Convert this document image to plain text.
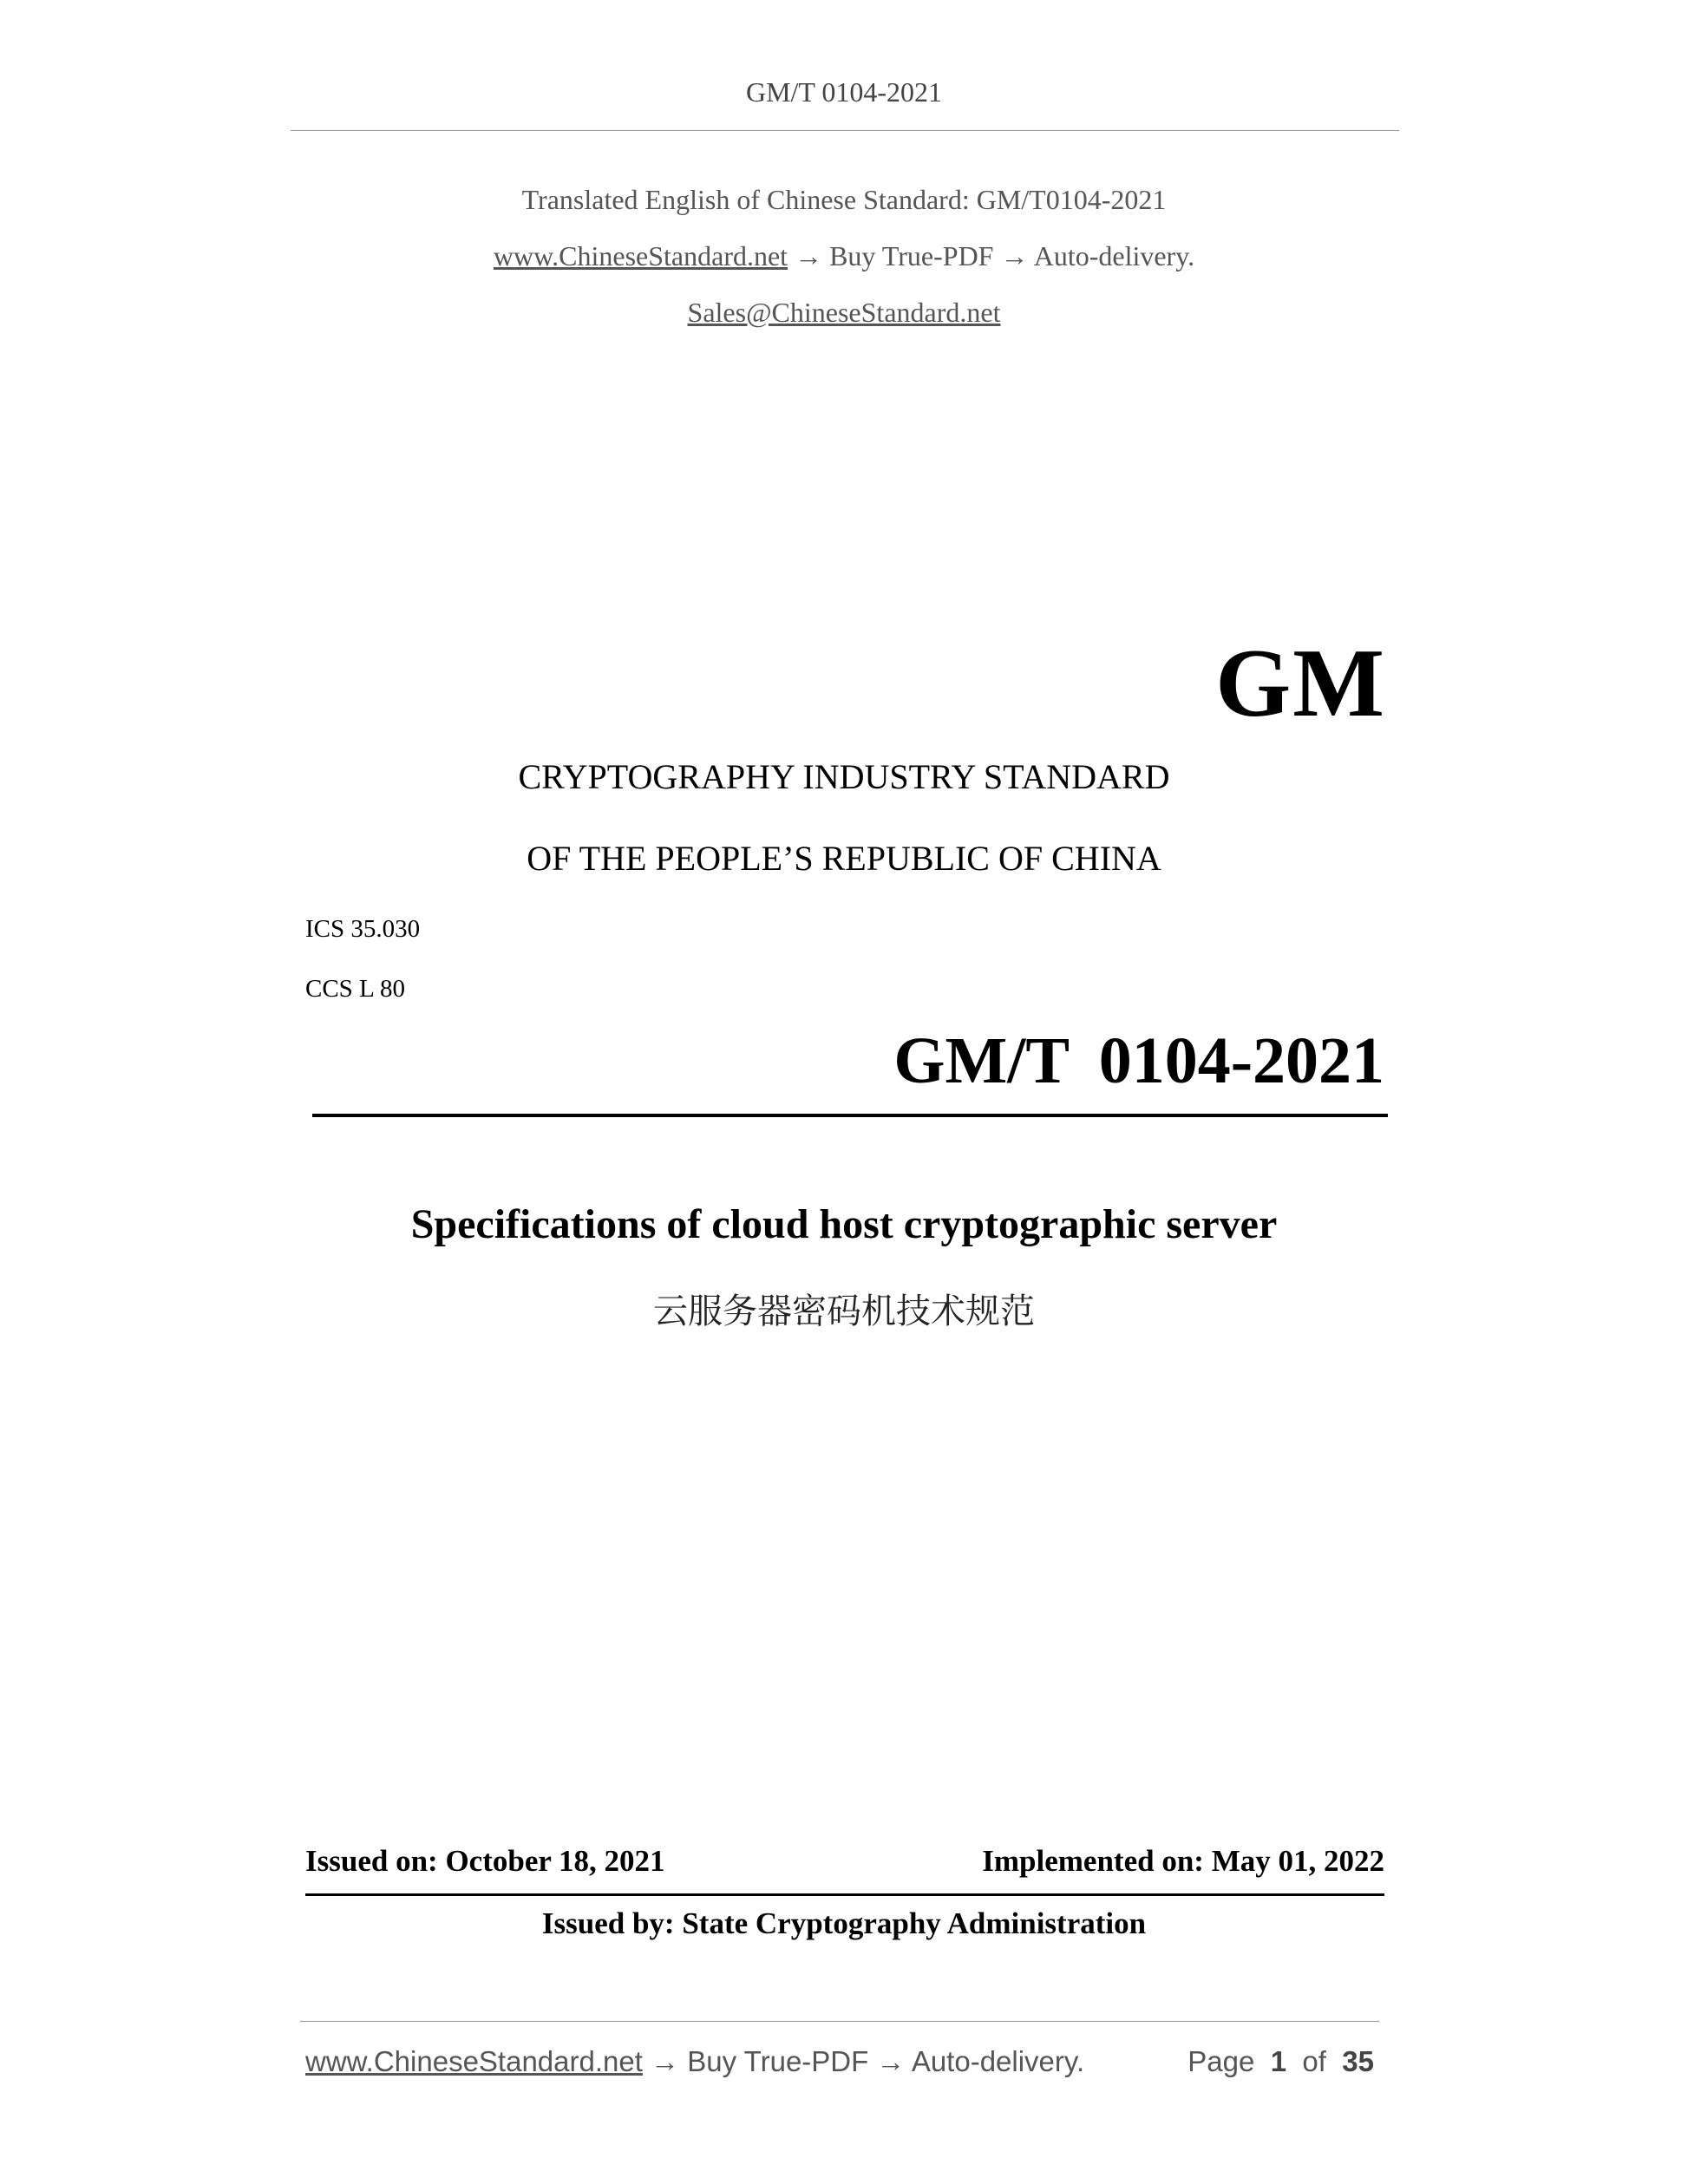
GM/T 0104-2021
Translated English of Chinese Standard: GM/T0104-2021
www.ChineseStandard.net → Buy True-PDF → Auto-delivery.
Sales@ChineseStandard.net
GM
CRYPTOGRAPHY INDUSTRY STANDARD
OF THE PEOPLE’S REPUBLIC OF CHINA
ICS 35.030
CCS L 80
GM/T 0104-2021
Specifications of cloud host cryptographic server
云服务器密码机技术规范
Issued on: October 18, 2021	Implemented on: May 01, 2022
Issued by: State Cryptography Administration
www.ChineseStandard.net → Buy True-PDF → Auto-delivery.	Page 1 of 35
